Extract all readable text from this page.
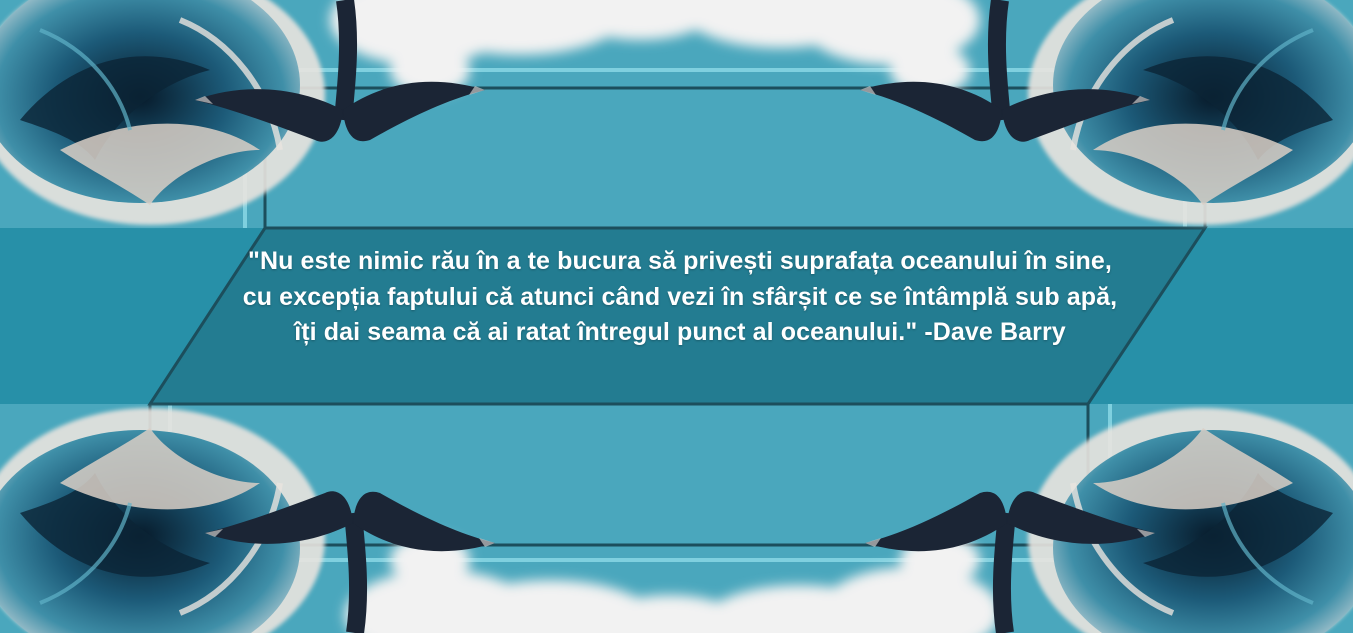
"Nu este nimic rău în a te bucura să privești suprafața oceanului în sine, cu excepția faptului că atunci când vezi în sfârșit ce se întâmplă sub apă, îți dai seama că ai ratat întregul punct al oceanului." -Dave Barry
